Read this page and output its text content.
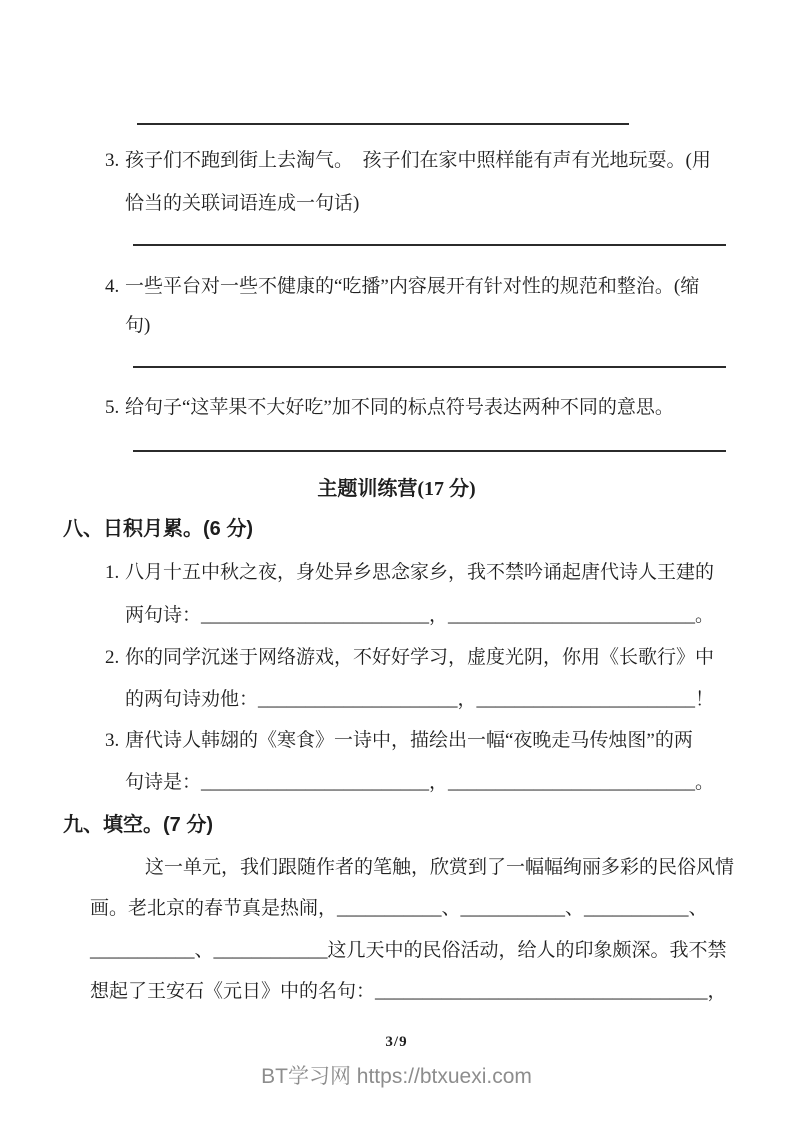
3. 孩子们不跑到街上去淘气。　孩子们在家中照样能有声有光地玩耍。(用
恰当的关联词语连成一句话)
4. 一些平台对一些不健康的“吃播”内容展开有针对性的规范和整治。(缩
句)
5. 给句子“这苹果不大好吃”加不同的标点符号表达两种不同的意思。
主题训练营(17 分)
八、日积月累。(6 分)
1. 八月十五中秋之夜，身处异乡思念家乡，我不禁吟诵起唐代诗人王建的
两句诗：________________________，__________________________。
2. 你的同学沉迷于网络游戏，不好好学习，虚度光阴，你用《长歌行》中
的两句诗劝他：_____________________，_______________________！
3. 唐代诗人韩翃的《寒食》一诗中，描绘出一幅“夜晚走马传烛图”的两
句诗是：________________________，__________________________。
九、填空。(7 分)
这一单元，我们跟随作者的笔触，欣赏到了一幅幅绚丽多彩的民俗风情
画。老北京的春节真是热闹，___________、___________、___________、
___________、____________这几天中的民俗活动，给人的印象颇深。我不禁
想起了王安石《元日》中的名句：___________________________________，
3/9
BT学习网 https://btxuexi.com
